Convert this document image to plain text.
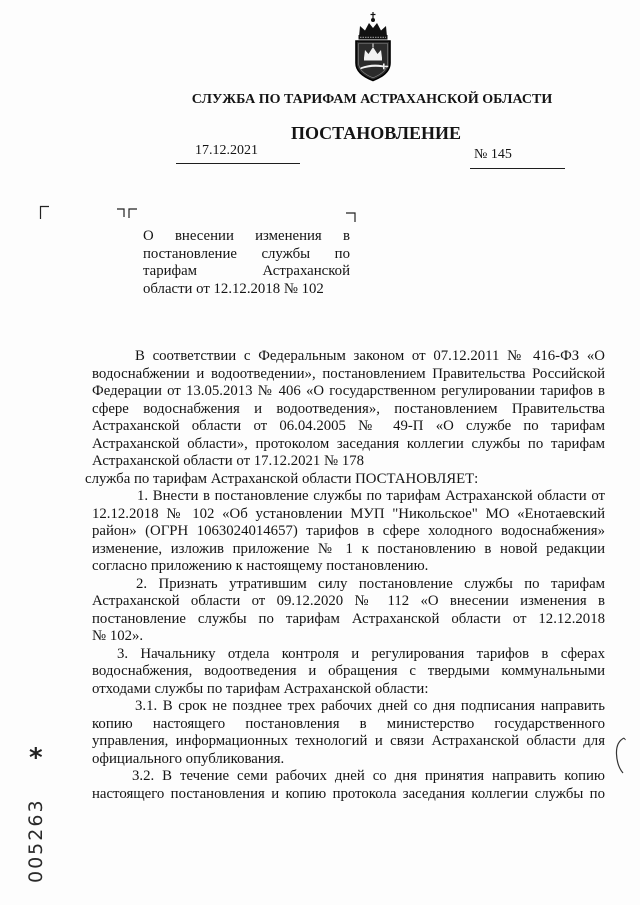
СЛУЖБА ПО ТАРИФАМ АСТРАХАНСКОЙ ОБЛАСТИ
ПОСТАНОВЛЕНИЕ
17.12.2021	№ 145
О внесении изменения в
постановление службы по
тарифам Астраханской
области от 12.12.2018 № 102
В соответствии с Федеральным законом от 07.12.2011 № 416-ФЗ «О
водоснабжении и водоотведении», постановлением Правительства Российской
Федерации от 13.05.2013 № 406 «О государственном регулировании тарифов в
сфере водоснабжения и водоотведения», постановлением Правительства
Астраханской области от 06.04.2005 № 49-П «О службе по тарифам
Астраханской области», протоколом заседания коллегии службы по тарифам
Астраханской области от 17.12.2021 № 178
служба по тарифам Астраханской области ПОСТАНОВЛЯЕТ:
1. Внести в постановление службы по тарифам Астраханской области от
12.12.2018 № 102 «Об установлении МУП "Никольское" МО «Енотаевский
район» (ОГРН 1063024014657) тарифов в сфере холодного водоснабжения»
изменение, изложив приложение № 1 к постановлению в новой редакции
согласно приложению к настоящему постановлению.
2. Признать утратившим силу постановление службы по тарифам
Астраханской области от 09.12.2020 № 112 «О внесении изменения в
постановление службы по тарифам Астраханской области от 12.12.2018
№ 102».
3. Начальнику отдела контроля и регулирования тарифов в сферах
водоснабжения, водоотведения и обращения с твердыми коммунальными
отходами службы по тарифам Астраханской области:
3.1. В срок не позднее трех рабочих дней со дня подписания направить
копию настоящего постановления в министерство государственного
управления, информационных технологий и связи Астраханской области для
официального опубликования.
3.2. В течение семи рабочих дней со дня принятия направить копию
настоящего постановления и копию протокола заседания коллегии службы по
*
005263
